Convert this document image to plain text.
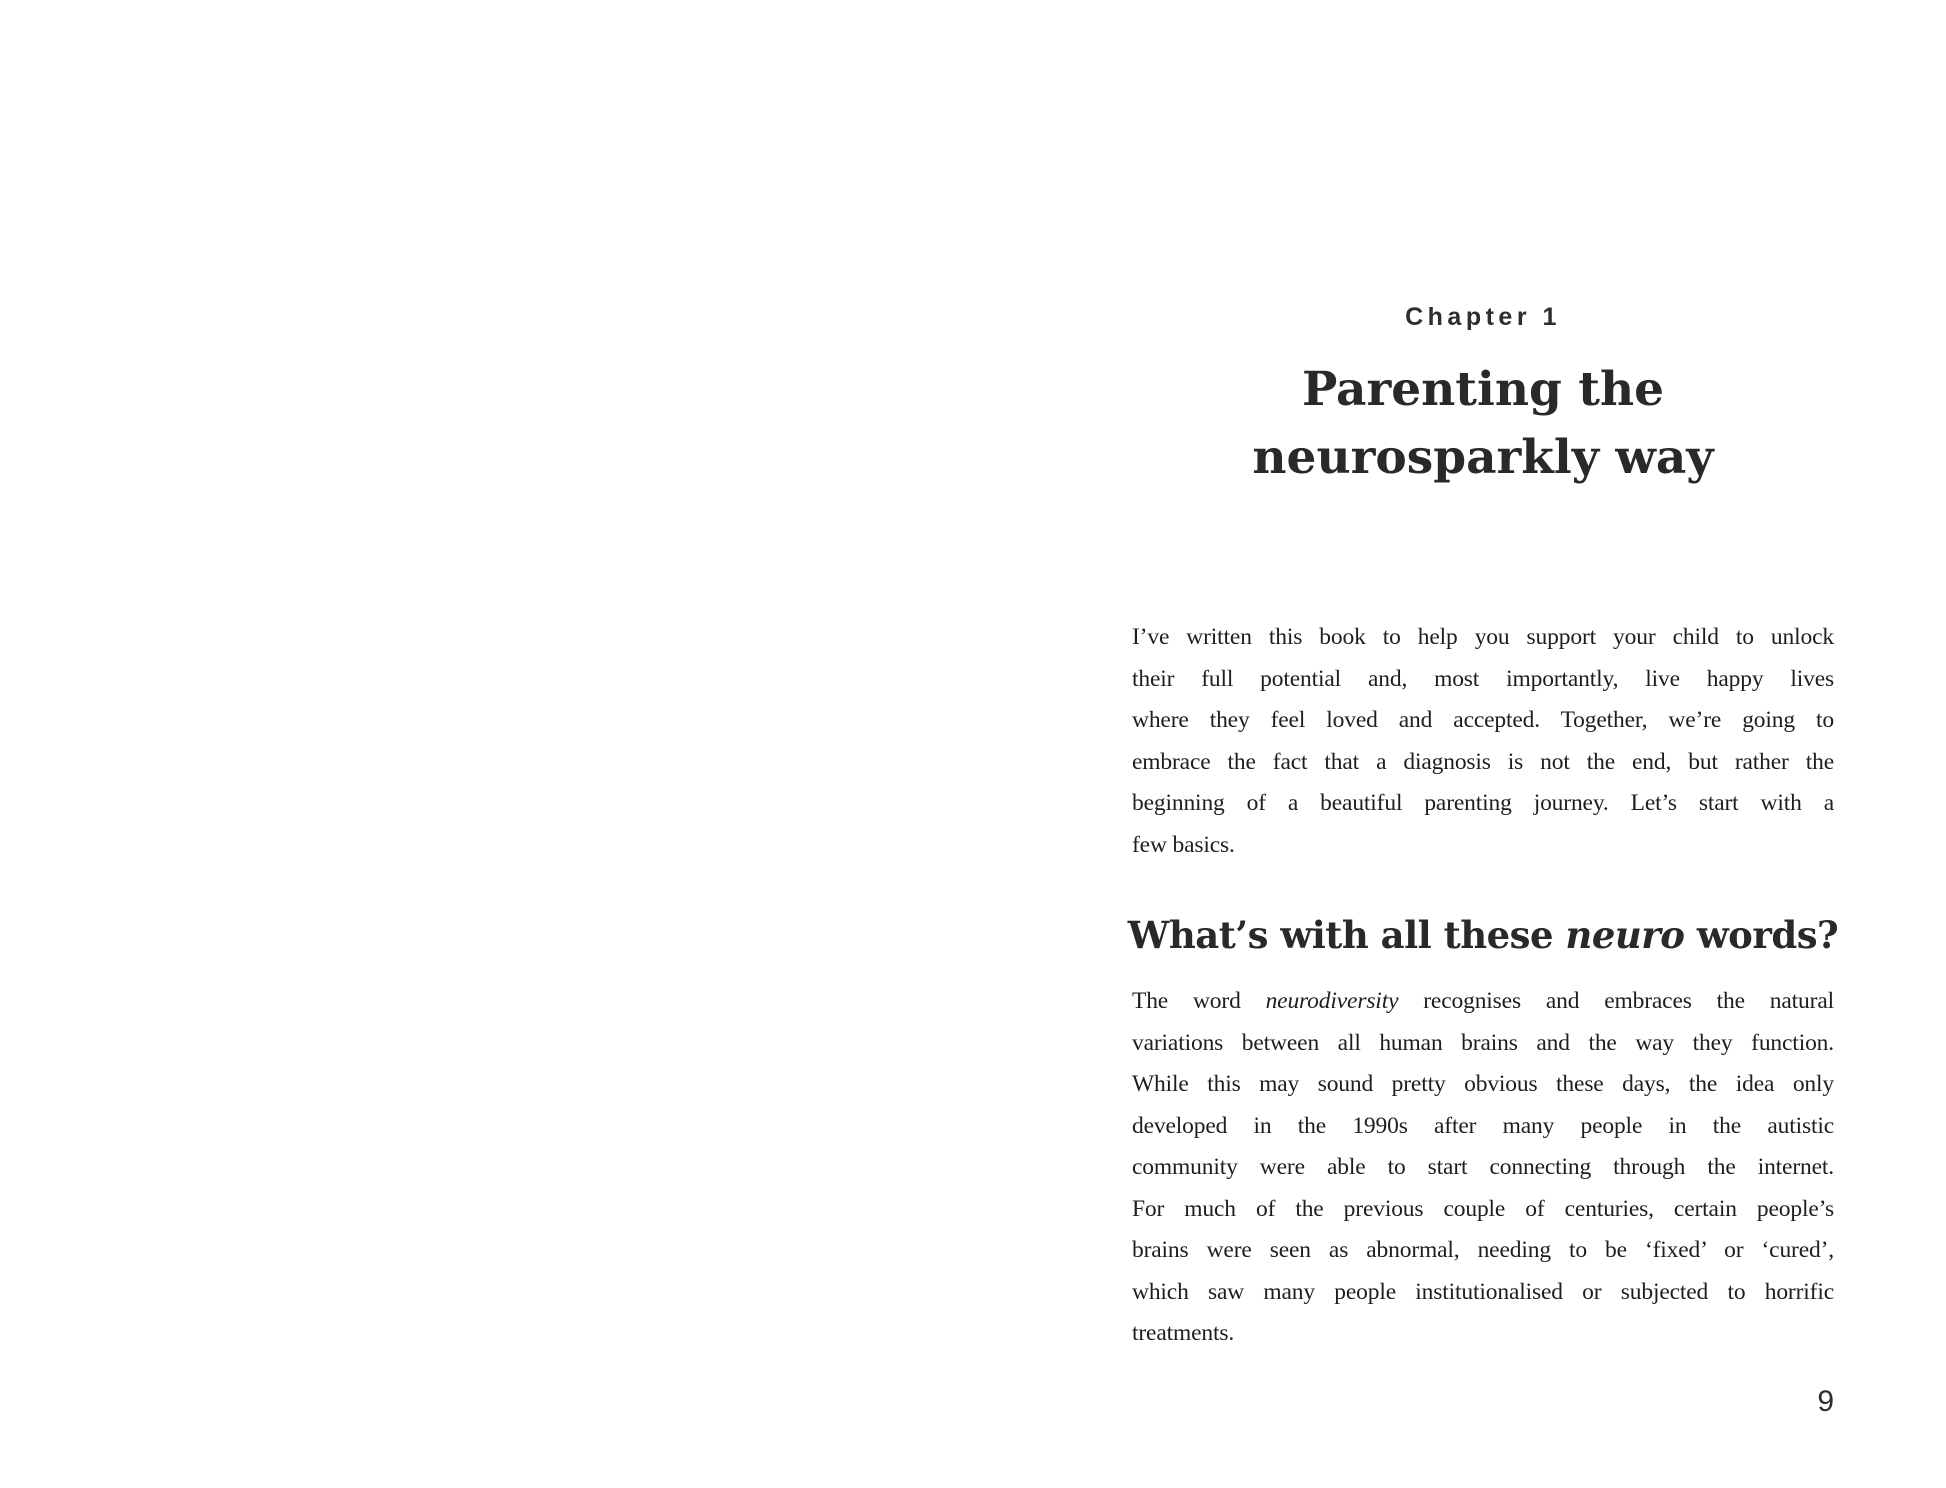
Chapter 1
Parenting the
neurosparkly way
I’ve written this book to help you support your child to unlock
their full potential and, most importantly, live happy lives
where they feel loved and accepted. Together, we’re going to
embrace the fact that a diagnosis is not the end, but rather the
beginning of a beautiful parenting journey. Let’s start with a
few basics.
What’s with all these neuro words?
The word neurodiversity recognises and embraces the natural
variations between all human brains and the way they function.
While this may sound pretty obvious these days, the idea only
developed in the 1990s after many people in the autistic
community were able to start connecting through the internet.
For much of the previous couple of centuries, certain people’s
brains were seen as abnormal, needing to be ‘fixed’ or ‘cured’,
which saw many people institutionalised or subjected to horrific
treatments.
9
